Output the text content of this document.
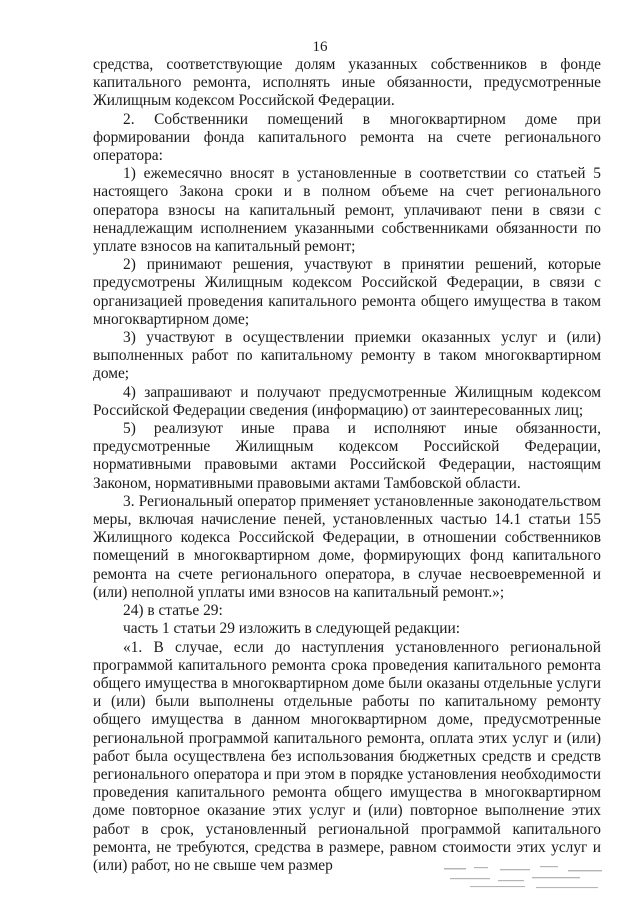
16

средства, соответствующие долям указанных собственников в фонде капитального ремонта, исполнять иные обязанности, предусмотренные Жилищным кодексом Российской Федерации.

2. Собственники помещений в многоквартирном доме при формировании фонда капитального ремонта на счете регионального оператора:

1) ежемесячно вносят в установленные в соответствии со статьей 5 настоящего Закона сроки и в полном объеме на счет регионального оператора взносы на капитальный ремонт, уплачивают пени в связи с ненадлежащим исполнением указанными собственниками обязанности по уплате взносов на капитальный ремонт;

2) принимают решения, участвуют в принятии решений, которые предусмотрены Жилищным кодексом Российской Федерации, в связи с организацией проведения капитального ремонта общего имущества в таком многоквартирном доме;

3) участвуют в осуществлении приемки оказанных услуг и (или) выполненных работ по капитальному ремонту в таком многоквартирном доме;

4) запрашивают и получают предусмотренные Жилищным кодексом Российской Федерации сведения (информацию) от заинтересованных лиц;

5) реализуют иные права и исполняют иные обязанности, предусмотренные Жилищным кодексом Российской Федерации, нормативными правовыми актами Российской Федерации, настоящим Законом, нормативными правовыми актами Тамбовской области.

3. Региональный оператор применяет установленные законодательством меры, включая начисление пеней, установленных частью 14.1 статьи 155 Жилищного кодекса Российской Федерации, в отношении собственников помещений в многоквартирном доме, формирующих фонд капитального ремонта на счете регионального оператора, в случае несвоевременной и (или) неполной уплаты ими взносов на капитальный ремонт.»;

24) в статье 29:

часть 1 статьи 29 изложить в следующей редакции:

«1. В случае, если до наступления установленного региональной программой капитального ремонта срока проведения капитального ремонта общего имущества в многоквартирном доме были оказаны отдельные услуги и (или) были выполнены отдельные работы по капитальному ремонту общего имущества в данном многоквартирном доме, предусмотренные региональной программой капитального ремонта, оплата этих услуг и (или) работ была осуществлена без использования бюджетных средств и средств регионального оператора и при этом в порядке установления необходимости проведения капитального ремонта общего имущества в многоквартирном доме повторное оказание этих услуг и (или) повторное выполнение этих работ в срок, установленный региональной программой капитального ремонта, не требуются, средства в размере, равном стоимости этих услуг и (или) работ, но не свыше чем размер
